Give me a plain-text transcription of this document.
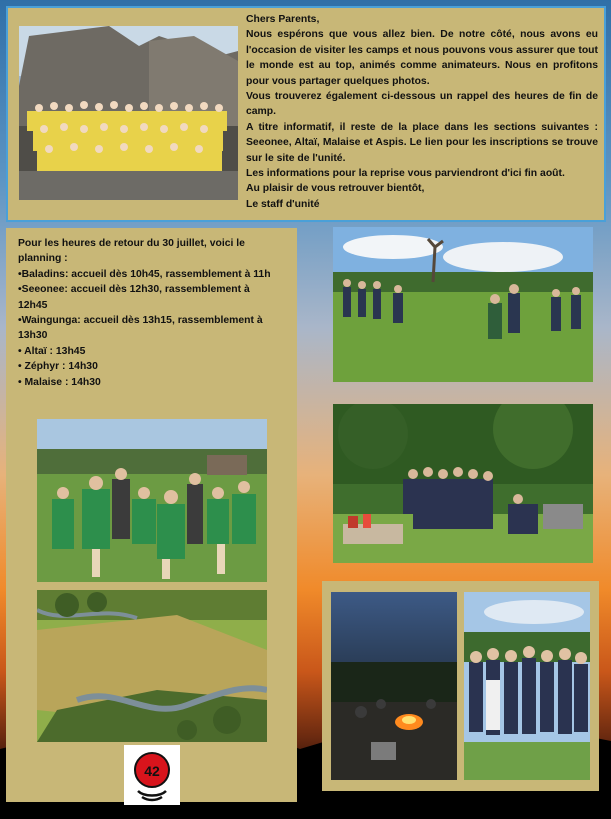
Chers Parents,

Nous espérons que vous allez bien. De notre côté, nous avons eu l'occasion de visiter les camps et nous pouvons vous assurer que tout le monde est au top, animés comme animateurs. Nous en profitons pour vous partager quelques photos.

Vous trouverez également ci-dessous un rappel des heures de fin de camp.

A titre informatif, il reste de la place dans les sections suivantes : Seeonee, Altaï, Malaise et Aspis. Le lien pour les inscriptions se trouve sur le site de l'unité.

Les informations pour la reprise vous parviendront d'ici fin août.

Au plaisir de vous retrouver bientôt,

Le staff d'unité

Pour les heures de retour du 30 juillet, voici le planning :

•Baladins: accueil dès 10h45, rassemblement à 11h

•Seeonee: accueil dès 12h30, rassemblement à 12h45

•Waingunga: accueil dès 13h15, rassemblement à 13h30

• Altaï : 13h45

• Zéphyr : 14h30

• Malaise : 14h30

42
